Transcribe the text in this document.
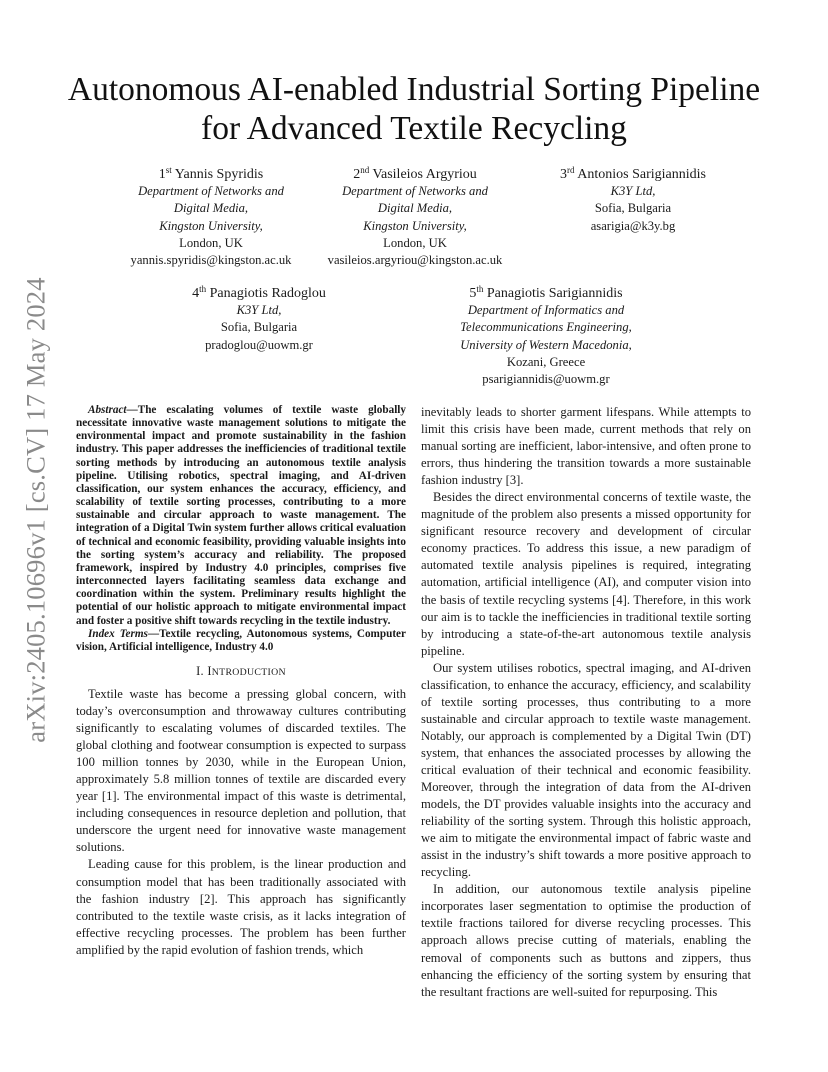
arXiv:2405.10696v1 [cs.CV] 17 May 2024
Autonomous AI-enabled Industrial Sorting Pipeline
for Advanced Textile Recycling
1st Yannis Spyridis
Department of Networks and
Digital Media,
Kingston University,
London, UK
yannis.spyridis@kingston.ac.uk
2nd Vasileios Argyriou
Department of Networks and
Digital Media,
Kingston University,
London, UK
vasileios.argyriou@kingston.ac.uk
3rd Antonios Sarigiannidis
K3Y Ltd,
Sofia, Bulgaria
asarigia@k3y.bg
4th Panagiotis Radoglou
K3Y Ltd,
Sofia, Bulgaria
pradoglou@uowm.gr
5th Panagiotis Sarigiannidis
Department of Informatics and
Telecommunications Engineering,
University of Western Macedonia,
Kozani, Greece
psarigiannidis@uowm.gr

Abstract—The escalating volumes of textile waste globally necessitate innovative waste management solutions to mitigate the environmental impact and promote sustainability in the fashion industry. This paper addresses the inefficiencies of traditional textile sorting methods by introducing an autonomous textile analysis pipeline. Utilising robotics, spectral imaging, and AI-driven classification, our system enhances the accuracy, efficiency, and scalability of textile sorting processes, contributing to a more sustainable and circular approach to waste management. The integration of a Digital Twin system further allows critical evaluation of technical and economic feasibility, providing valuable insights into the sorting system’s accuracy and reliability. The proposed framework, inspired by Industry 4.0 principles, comprises five interconnected layers facilitating seamless data exchange and coordination within the system. Preliminary results highlight the potential of our holistic approach to mitigate environmental impact and foster a positive shift towards recycling in the textile industry.

Index Terms—Textile recycling, Autonomous systems, Computer vision, Artificial intelligence, Industry 4.0

I. INTRODUCTION

Textile waste has become a pressing global concern, with today’s overconsumption and throwaway cultures contributing significantly to escalating volumes of discarded textiles. The global clothing and footwear consumption is expected to surpass 100 million tonnes by 2030, while in the European Union, approximately 5.8 million tonnes of textile are discarded every year [1]. The environmental impact of this waste is detrimental, including consequences in resource depletion and pollution, that underscore the urgent need for innovative waste management solutions.

Leading cause for this problem, is the linear production and consumption model that has been traditionally associated with the fashion industry [2]. This approach has significantly contributed to the textile waste crisis, as it lacks integration of effective recycling processes. The problem has been further amplified by the rapid evolution of fashion trends, which

inevitably leads to shorter garment lifespans. While attempts to limit this crisis have been made, current methods that rely on manual sorting are inefficient, labor-intensive, and often prone to errors, thus hindering the transition towards a more sustainable fashion industry [3].

Besides the direct environmental concerns of textile waste, the magnitude of the problem also presents a missed opportunity for significant resource recovery and development of circular economy practices. To address this issue, a new paradigm of automated textile analysis pipelines is required, integrating automation, artificial intelligence (AI), and computer vision into the basis of textile recycling systems [4]. Therefore, in this work our aim is to tackle the inefficiencies in traditional textile sorting by introducing a state-of-the-art autonomous textile analysis pipeline.

Our system utilises robotics, spectral imaging, and AI-driven classification, to enhance the accuracy, efficiency, and scalability of textile sorting processes, thus contributing to a more sustainable and circular approach to textile waste management. Notably, our approach is complemented by a Digital Twin (DT) system, that enhances the associated processes by allowing the critical evaluation of their technical and economic feasibility. Moreover, through the integration of data from the AI-driven models, the DT provides valuable insights into the accuracy and reliability of the sorting system. Through this holistic approach, we aim to mitigate the environmental impact of fabric waste and assist in the industry’s shift towards a more positive approach to recycling.

In addition, our autonomous textile analysis pipeline incorporates laser segmentation to optimise the production of textile fractions tailored for diverse recycling processes. This approach allows precise cutting of materials, enabling the removal of components such as buttons and zippers, thus enhancing the efficiency of the sorting system by ensuring that the resultant fractions are well-suited for repurposing. This
